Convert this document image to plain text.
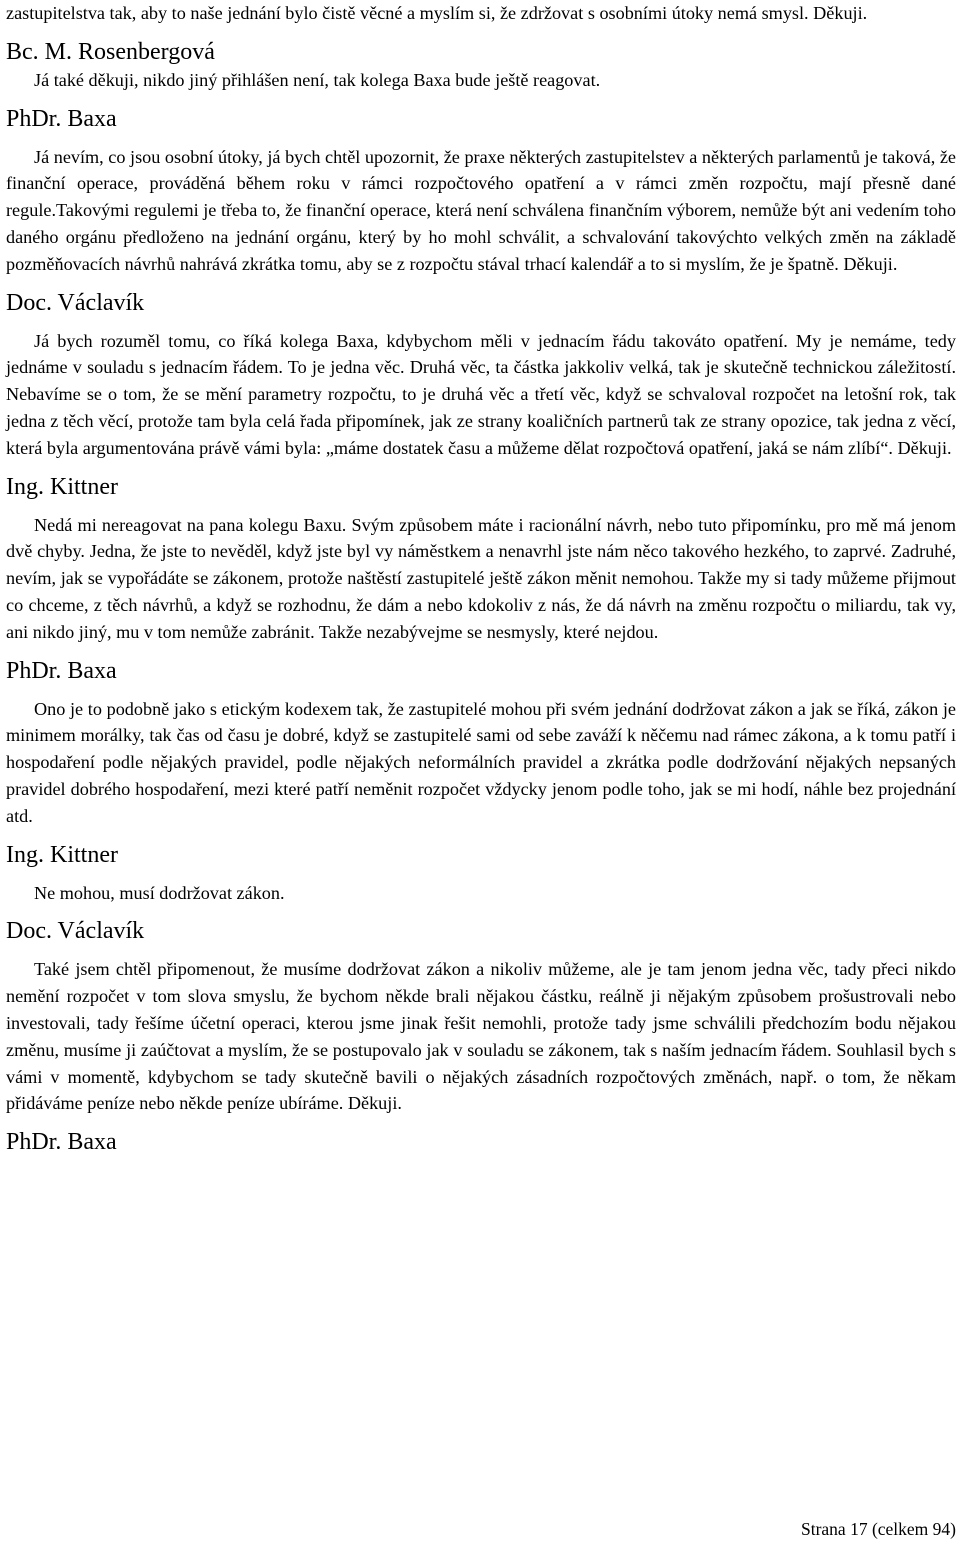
zastupitelstva tak, aby to naše jednání bylo čistě věcné a myslím si, že zdržovat s osobními útoky nemá smysl. Děkuji.

Bc. M. Rosenbergová

Já také děkuji, nikdo jiný přihlášen není, tak kolega Baxa bude ještě reagovat.

PhDr. Baxa

Já nevím, co jsou osobní útoky, já bych chtěl upozornit, že praxe některých zastupitelstev a některých parlamentů je taková, že finanční operace, prováděná během roku v rámci rozpočtového opatření a v rámci změn rozpočtu, mají přesně dané regule.Takovými regulemi je třeba to, že finanční operace, která není schválena finančním výborem, nemůže být ani vedením toho daného orgánu předloženo na jednání orgánu, který by ho mohl schválit, a schvalování takovýchto velkých změn na základě pozměňovacích návrhů nahrává zkrátka tomu, aby se z rozpočtu stával trhací kalendář a to si myslím, že je špatně. Děkuji.

Doc. Václavík

Já bych rozuměl tomu, co říká kolega Baxa, kdybychom měli v jednacím řádu takováto opatření. My je nemáme, tedy jednáme v souladu s jednacím řádem. To je jedna věc. Druhá věc, ta částka jakkoliv velká, tak je skutečně technickou záležitostí. Nebavíme se o tom, že se mění parametry rozpočtu, to je druhá věc a třetí věc, když se schvaloval rozpočet na letošní rok, tak jedna z těch věcí, protože tam byla celá řada připomínek, jak ze strany koaličních partnerů tak ze strany opozice, tak jedna z věcí, která byla argumentována právě vámi byla: „máme dostatek času a můžeme dělat rozpočtová opatření, jaká se nám zlíbí“. Děkuji.

Ing. Kittner

Nedá mi nereagovat na pana kolegu Baxu. Svým způsobem máte i racionální návrh, nebo tuto připomínku, pro mě má jenom dvě chyby. Jedna, že jste to nevěděl, když jste byl vy náměstkem a nenavrhl jste nám něco takového hezkého, to zaprvé. Zadruhé, nevím, jak se vypořádáte se zákonem, protože naštěstí zastupitelé ještě zákon měnit nemohou. Takže my si tady můžeme přijmout co chceme, z těch návrhů, a když se rozhodnu, že dám a nebo kdokoliv z nás, že dá návrh na změnu rozpočtu o miliardu, tak vy, ani nikdo jiný, mu v tom nemůže zabránit. Takže nezabývejme se nesmysly, které nejdou.

PhDr. Baxa

Ono je to podobně jako s etickým kodexem tak, že zastupitelé mohou při svém jednání dodržovat zákon a jak se říká, zákon je minimem morálky, tak čas od času je dobré, když se zastupitelé sami od sebe zaváží k něčemu nad rámec zákona, a k tomu patří i hospodaření podle nějakých pravidel, podle nějakých neformálních pravidel a zkrátka podle dodržování nějakých nepsaných pravidel dobrého hospodaření, mezi které patří neměnit rozpočet vždycky jenom podle toho, jak se mi hodí, náhle bez projednání atd.

Ing. Kittner

Ne mohou, musí dodržovat zákon.

Doc. Václavík

Také jsem chtěl připomenout, že musíme dodržovat zákon a nikoliv můžeme, ale je tam jenom jedna věc, tady přeci nikdo nemění rozpočet v tom slova smyslu, že bychom někde brali nějakou částku, reálně ji nějakým způsobem prošustrovali nebo investovali, tady řešíme účetní operaci, kterou jsme jinak řešit nemohli, protože tady jsme schválili předchozím bodu nějakou změnu, musíme ji zaúčtovat a myslím, že se postupovalo jak v souladu se zákonem, tak s naším jednacím řádem. Souhlasil bych s vámi v momentě, kdybychom se tady skutečně bavili o nějakých zásadních rozpočtových změnách, např. o tom, že někam přidáváme peníze nebo někde peníze ubíráme. Děkuji.

PhDr. Baxa
Strana 17 (celkem 94)
